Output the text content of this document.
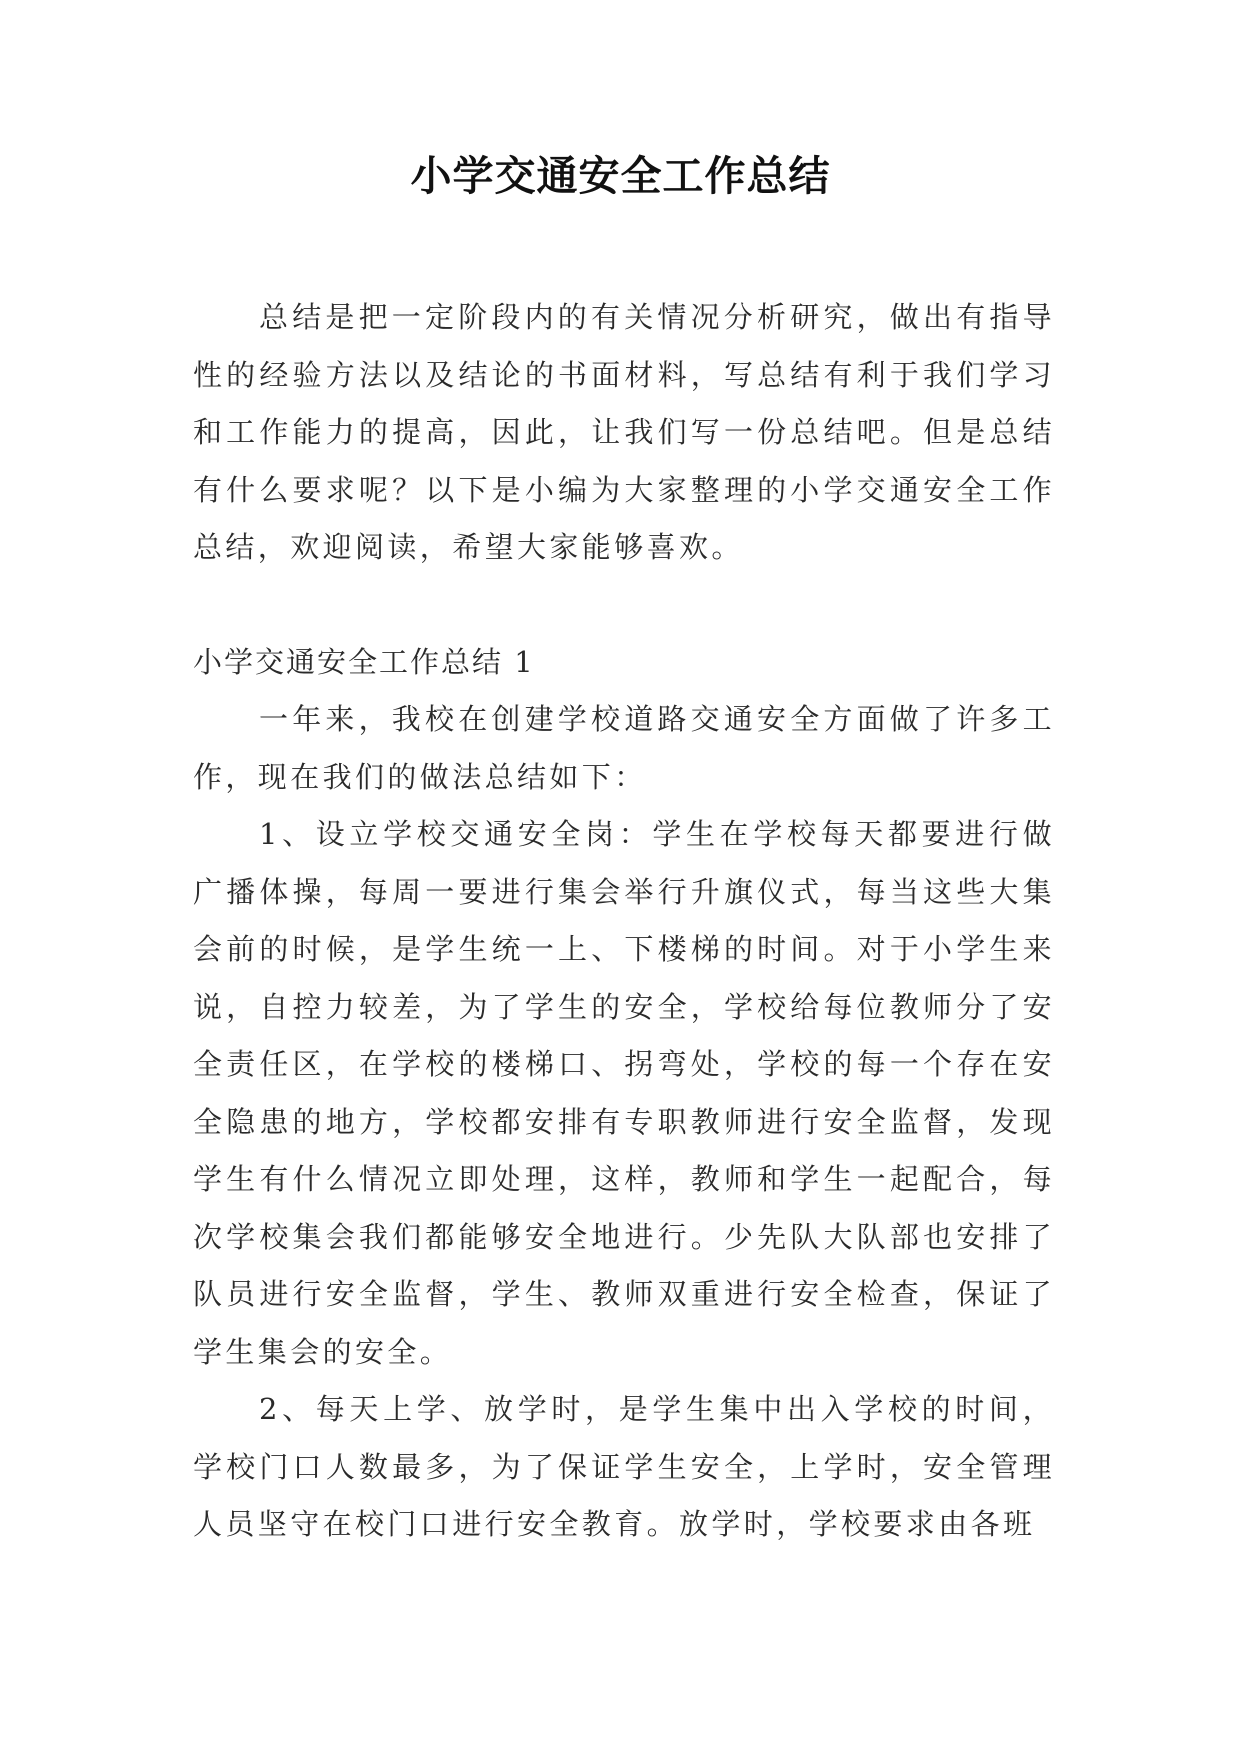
小学交通安全工作总结

总结是把一定阶段内的有关情况分析研究，做出有指导性的经验方法以及结论的书面材料，写总结有利于我们学习和工作能力的提高，因此，让我们写一份总结吧。但是总结有什么要求呢？以下是小编为大家整理的小学交通安全工作总结，欢迎阅读，希望大家能够喜欢。

小学交通安全工作总结 1

一年来，我校在创建学校道路交通安全方面做了许多工作，现在我们的做法总结如下：

1、设立学校交通安全岗：学生在学校每天都要进行做广播体操，每周一要进行集会举行升旗仪式，每当这些大集会前的时候，是学生统一上、下楼梯的时间。对于小学生来说，自控力较差，为了学生的安全，学校给每位教师分了安全责任区，在学校的楼梯口、拐弯处，学校的每一个存在安全隐患的地方，学校都安排有专职教师进行安全监督，发现学生有什么情况立即处理，这样，教师和学生一起配合，每次学校集会我们都能够安全地进行。少先队大队部也安排了队员进行安全监督，学生、教师双重进行安全检查，保证了学生集会的安全。

2、每天上学、放学时，是学生集中出入学校的时间，学校门口人数最多，为了保证学生安全，上学时，安全管理人员坚守在校门口进行安全教育。放学时，学校要求由各班
